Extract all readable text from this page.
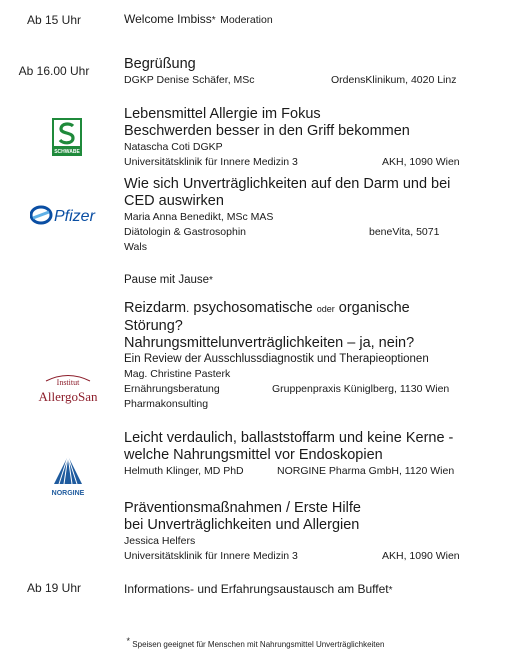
Ab 15 Uhr	Welcome Imbiss* Moderation
Ab 16.00 Uhr	Begrüßung
DGKP Denise Schäfer, MSc	OrdensKlinikum, 4020 Linz
SCHWABE
Lebensmittel Allergie im Fokus
Beschwerden besser in den Griff bekommen
Natascha Coti DGKP
Universitätsklinik für Innere Medizin 3	AKH, 1090 Wien
Pfizer
Wie sich Unverträglichkeiten auf den Darm und bei
CED auswirken
Maria Anna Benedikt, MSc MAS
Diätologin & Gastrosophin	beneVita, 5071
Wals
Pause mit Jause*
Institut
AllergoSan
Reizdarm. psychosomatische oder organische
Störung?
Nahrungsmittelunverträglichkeiten – ja, nein?
Ein Review der Ausschlussdiagnostik und Therapieoptionen
Mag. Christine Pasterk
Ernährungsberatung	Gruppenpraxis Küniglberg, 1130 Wien
Pharmakonsulting
NORGINE
Leicht verdaulich, ballaststoffarm und keine Kerne -
welche Nahrungsmittel vor Endoskopien
Helmuth Klinger, MD PhD	NORGINE Pharma GmbH, 1120 Wien
Präventionsmaßnahmen / Erste Hilfe
bei Unverträglichkeiten und Allergien
Jessica Helfers
Universitätsklinik für Innere Medizin 3	AKH, 1090 Wien
Ab 19 Uhr	Informations- und Erfahrungsaustausch am Buffet*
* Speisen geeignet für Menschen mit Nahrungsmittel Unverträglichkeiten
